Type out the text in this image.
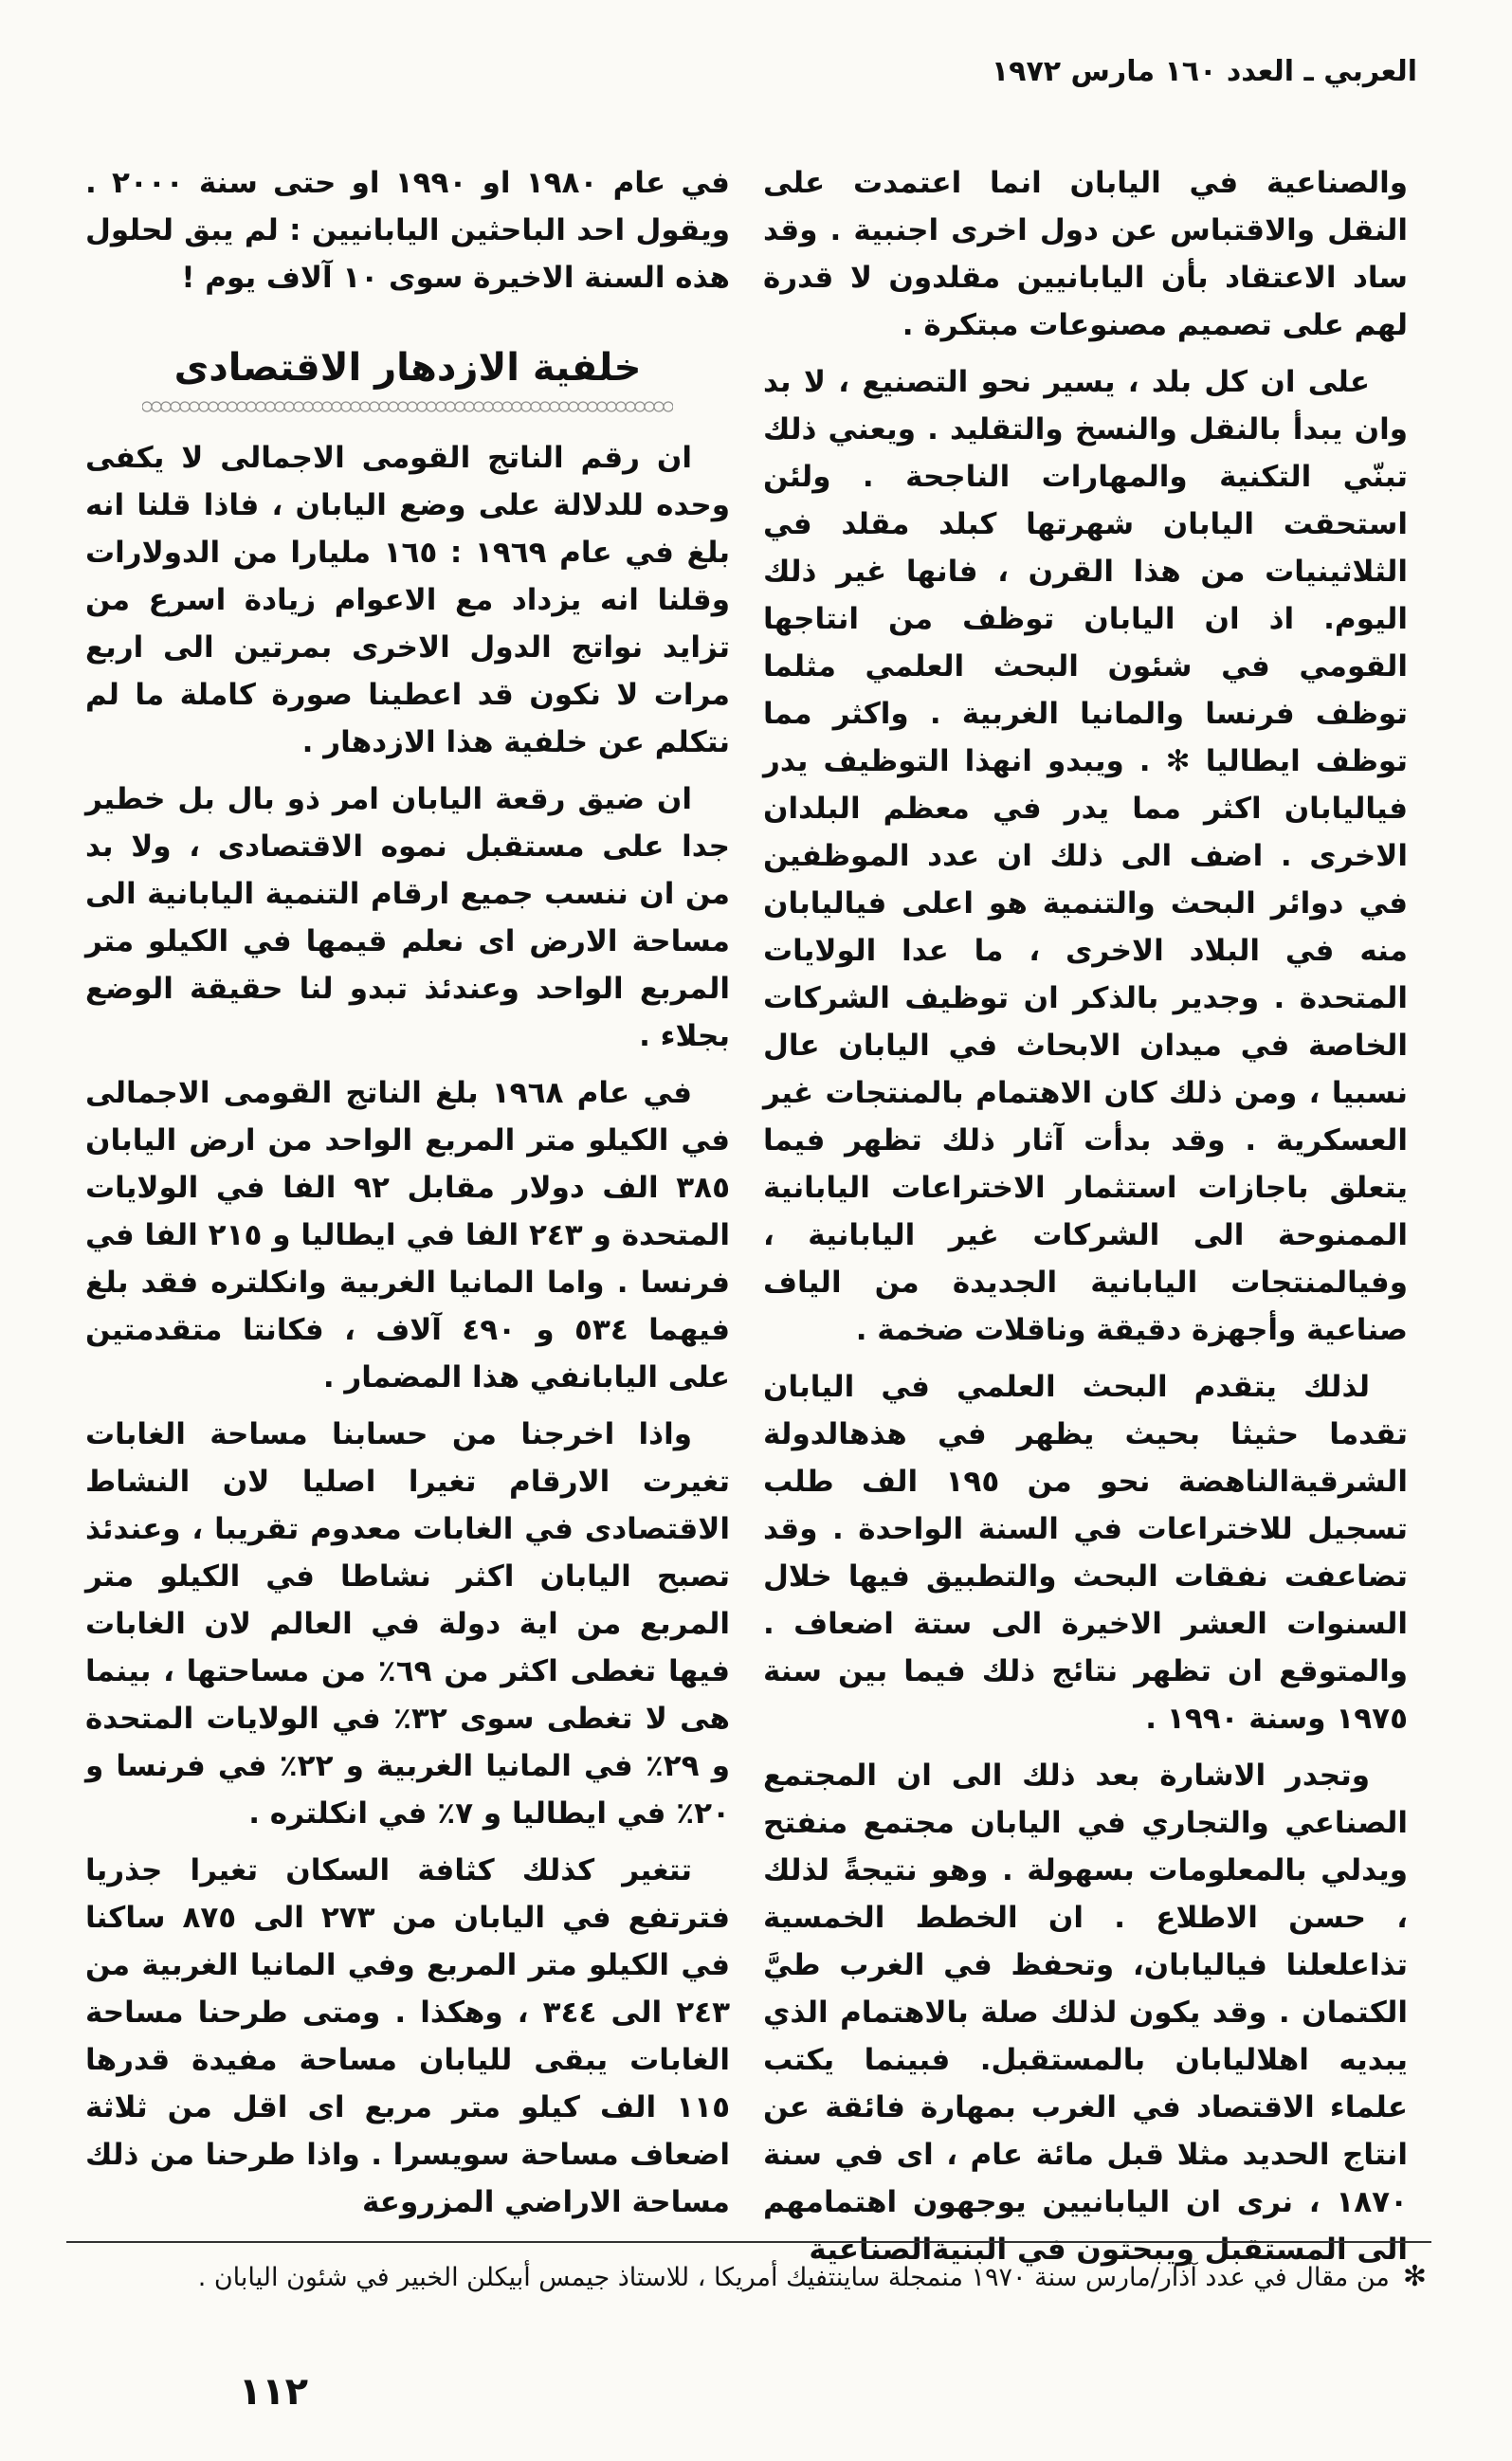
العربي ـ العدد ١٦٠ مارس ١٩٧٢

والصناعية في اليابان انما اعتمدت على النقل والاقتباس عن دول اخرى اجنبية . وقد ساد الاعتقاد بأن اليابانيين مقلدون لا قدرة لهم على تصميم مصنوعات مبتكرة .

على ان كل بلد ، يسير نحو التصنيع ، لا بد وان يبدأ بالنقل والنسخ والتقليد . ويعني ذلك تبنّي التكنية والمهارات الناجحة . ولئن استحقت اليابان شهرتها كبلد مقلد في الثلاثينيات من هذا القرن ، فانها غير ذلك اليوم. اذ ان اليابان توظف من انتاجها القومي في شئون البحث العلمي مثلما توظف فرنسا والمانيا الغربية . واكثر مما توظف ايطاليا ✻ . ويبدو انهذا التوظيف يدر فياليابان اكثر مما يدر في معظم البلدان الاخرى . اضف الى ذلك ان عدد الموظفين في دوائر البحث والتنمية هو اعلى فياليابان منه في البلاد الاخرى ، ما عدا الولايات المتحدة . وجدير بالذكر ان توظيف الشركات الخاصة في ميدان الابحاث في اليابان عال نسبيا ، ومن ذلك كان الاهتمام بالمنتجات غير العسكرية . وقد بدأت آثار ذلك تظهر فيما يتعلق باجازات استثمار الاختراعات اليابانية الممنوحة الى الشركات غير اليابانية ، وفيالمنتجات اليابانية الجديدة من الياف صناعية وأجهزة دقيقة وناقلات ضخمة .

لذلك يتقدم البحث العلمي في اليابان تقدما حثيثا بحيث يظهر في هذهالدولة الشرقيةالناهضة نحو من ١٩٥ الف طلب تسجيل للاختراعات في السنة الواحدة . وقد تضاعفت نفقات البحث والتطبيق فيها خلال السنوات العشر الاخيرة الى ستة اضعاف . والمتوقع ان تظهر نتائج ذلك فيما بين سنة ١٩٧٥ وسنة ١٩٩٠ .

وتجدر الاشارة بعد ذلك الى ان المجتمع الصناعي والتجاري في اليابان مجتمع منفتح ويدلي بالمعلومات بسهولة . وهو نتيجةً لذلك ، حسن الاطلاع . ان الخطط الخمسية تذاعلعلنا فياليابان، وتحفظ في الغرب طيَّ الكتمان . وقد يكون لذلك صلة بالاهتمام الذي يبديه اهلاليابان بالمستقبل. فبينما يكتب علماء الاقتصاد في الغرب بمهارة فائقة عن انتاج الحديد مثلا قبل مائة عام ، اى في سنة ١٨٧٠ ، نرى ان اليابانيين يوجهون اهتمامهم الى المستقبل ويبحثون في البنيةالصناعية

في عام ١٩٨٠ او ١٩٩٠ او حتى سنة ٢٠٠٠ . ويقول احد الباحثين اليابانيين : لم يبق لحلول هذه السنة الاخيرة سوى ١٠ آلاف يوم !

خلفية الازدهار الاقتصادى

ان رقم الناتج القومى الاجمالى لا يكفى وحده للدلالة على وضع اليابان ، فاذا قلنا انه بلغ في عام ١٩٦٩ : ١٦٥ مليارا من الدولارات وقلنا انه يزداد مع الاعوام زيادة اسرع من تزايد نواتج الدول الاخرى بمرتين الى اربع مرات لا نكون قد اعطينا صورة كاملة ما لم نتكلم عن خلفية هذا الازدهار .

ان ضيق رقعة اليابان امر ذو بال بل خطير جدا على مستقبل نموه الاقتصادى ، ولا بد من ان ننسب جميع ارقام التنمية اليابانية الى مساحة الارض اى نعلم قيمها في الكيلو متر المربع الواحد وعندئذ تبدو لنا حقيقة الوضع بجلاء .

في عام ١٩٦٨ بلغ الناتج القومى الاجمالى في الكيلو متر المربع الواحد من ارض اليابان ٣٨٥ الف دولار مقابل ٩٢ الفا في الولايات المتحدة و ٢٤٣ الفا في ايطاليا و ٢١٥ الفا في فرنسا . واما المانيا الغربية وانكلتره فقد بلغ فيهما ٥٣٤ و ٤٩٠ آلاف ، فكانتا متقدمتين على اليابانفي هذا المضمار .

واذا اخرجنا من حسابنا مساحة الغابات تغيرت الارقام تغيرا اصليا لان النشاط الاقتصادى في الغابات معدوم تقريبا ، وعندئذ تصبح اليابان اكثر نشاطا في الكيلو متر المربع من اية دولة في العالم لان الغابات فيها تغطى اكثر من ٦٩٪ من مساحتها ، بينما هى لا تغطى سوى ٣٢٪ في الولايات المتحدة و ٢٩٪ في المانيا الغربية و ٢٢٪ في فرنسا و ٢٠٪ في ايطاليا و ٧٪ في انكلتره .

تتغير كذلك كثافة السكان تغيرا جذريا فترتفع في اليابان من ٢٧٣ الى ٨٧٥ ساكنا في الكيلو متر المربع وفي المانيا الغربية من ٢٤٣ الى ٣٤٤ ، وهكذا . ومتى طرحنا مساحة الغابات يبقى لليابان مساحة مفيدة قدرها ١١٥ الف كيلو متر مربع اى اقل من ثلاثة اضعاف مساحة سويسرا . واذا طرحنا من ذلك مساحة الاراضي المزروعة

✻من مقال في عدد آذار/مارس سنة ١٩٧٠ منمجلة ساينتفيك أمريكا ، للاستاذ جيمس أبيكلن الخبير في شئون اليابان .
١١٢
